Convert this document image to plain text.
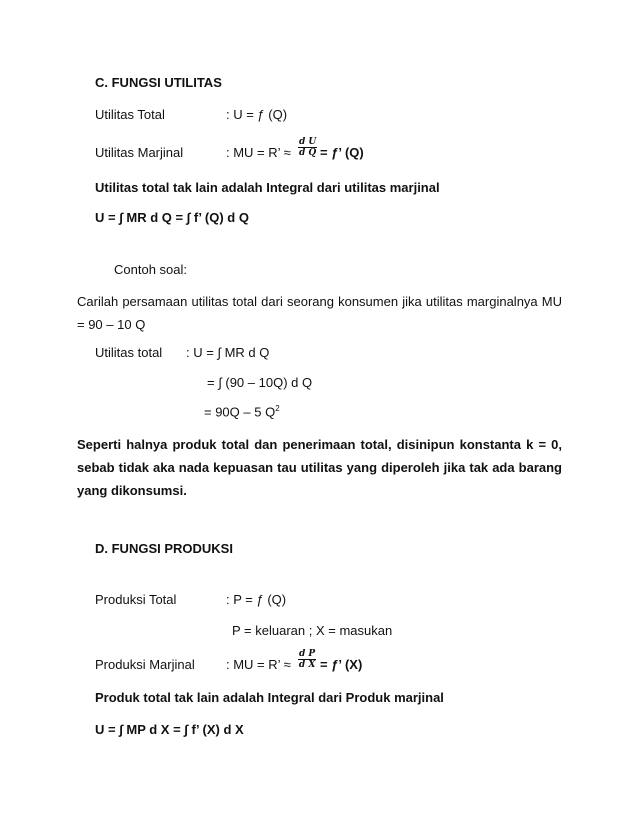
C. FUNGSI UTILITAS
Utilitas Total	: U = ƒ (Q)
Utilitas Marjinal	: MU = R’ ≈ $\frac{\text{d U}}{\text{d Q}}$ = ƒ’ (Q)
Utilitas total tak lain adalah Integral dari utilitas marjinal
U = ∫ MR d Q = ∫ f’ (Q) d Q
Contoh soal:
Carilah persamaan utilitas total dari seorang konsumen jika utilitas marginalnya MU = 90 – 10 Q
Utilitas total : U = ∫ MR d Q
= ∫ (90 – 10Q) d Q
= 90Q – 5 $Q^2$
Seperti halnya produk total dan penerimaan total, disinipun konstanta k = 0, sebab tidak aka nada kepuasan tau utilitas yang diperoleh jika tak ada barang yang dikonsumsi.
D. FUNGSI PRODUKSI
Produksi Total	: P = ƒ (Q)
P = keluaran ; X = masukan
Produksi Marjinal : MU = R’ ≈ $\frac{\text{d P}}{\text{d X}}$ = ƒ’ (X)
Produk total tak lain adalah Integral dari Produk marjinal
U = ∫ MP d X = ∫ f’ (X) d X
